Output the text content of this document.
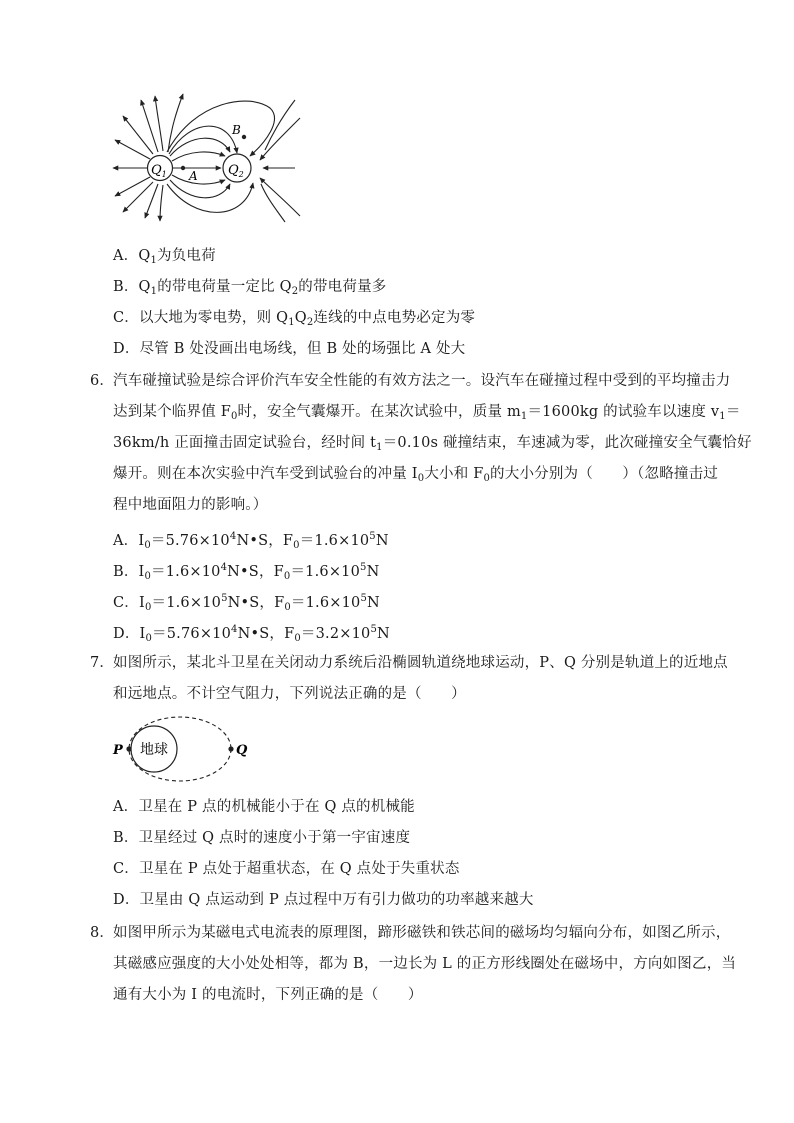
$Q_1$	$Q_2$
A
B
A．$Q_1$为负电荷
B．$Q_1$的带电荷量一定比 $Q_2$的带电荷量多
C．以大地为零电势，则 $Q_1Q_2$连线的中点电势必定为零
D．尽管 B 处没画出电场线，但 B 处的场强比 A 处大
6．
汽车碰撞试验是综合评价汽车安全性能的有效方法之一。设汽车在碰撞过程中受到的平均撞击力
达到某个临界值 $F_0$时，安全气囊爆开。在某次试验中，质量 $m_1=1600kg$ 的试验车以速度 $v_1=$
36km/h 正面撞击固定试验台，经时间 $t_1=0.10s$ 碰撞结束，车速减为零，此次碰撞安全气囊恰好
爆开。则在本次实验中汽车受到试验台的冲量 $I_0$大小和 $F_0$的大小分别为（　　）（忽略撞击过
程中地面阻力的影响。）
A．$I_0=5.76\times 10^4N•S$，$F_0=1.6\times 10^5N$
B．$I_0=1.6\times 10^4N•S$，$F_0=1.6\times 10^5N$
C．$I_0=1.6\times 10^5N•S$，$F_0=1.6\times 10^5N$
D．$I_0=5.76\times 10^4N•S$，$F_0=3.2\times 10^5N$
7．
如图所示，某北斗卫星在关闭动力系统后沿椭圆轨道绕地球运动，P、Q 分别是轨道上的近地点
和远地点。不计空气阻力，下列说法正确的是（　　）
地球
P	Q
A．卫星在 P 点的机械能小于在 Q 点的机械能
B．卫星经过 Q 点时的速度小于第一宇宙速度
C．卫星在 P 点处于超重状态，在 Q 点处于失重状态
D．卫星由 Q 点运动到 P 点过程中万有引力做功的功率越来越大
8．
如图甲所示为某磁电式电流表的原理图，蹄形磁铁和铁芯间的磁场均匀辐向分布，如图乙所示，
其磁感应强度的大小处处相等，都为 B，一边长为 L 的正方形线圈处在磁场中，方向如图乙，当
通有大小为 I 的电流时，下列正确的是（　　）
